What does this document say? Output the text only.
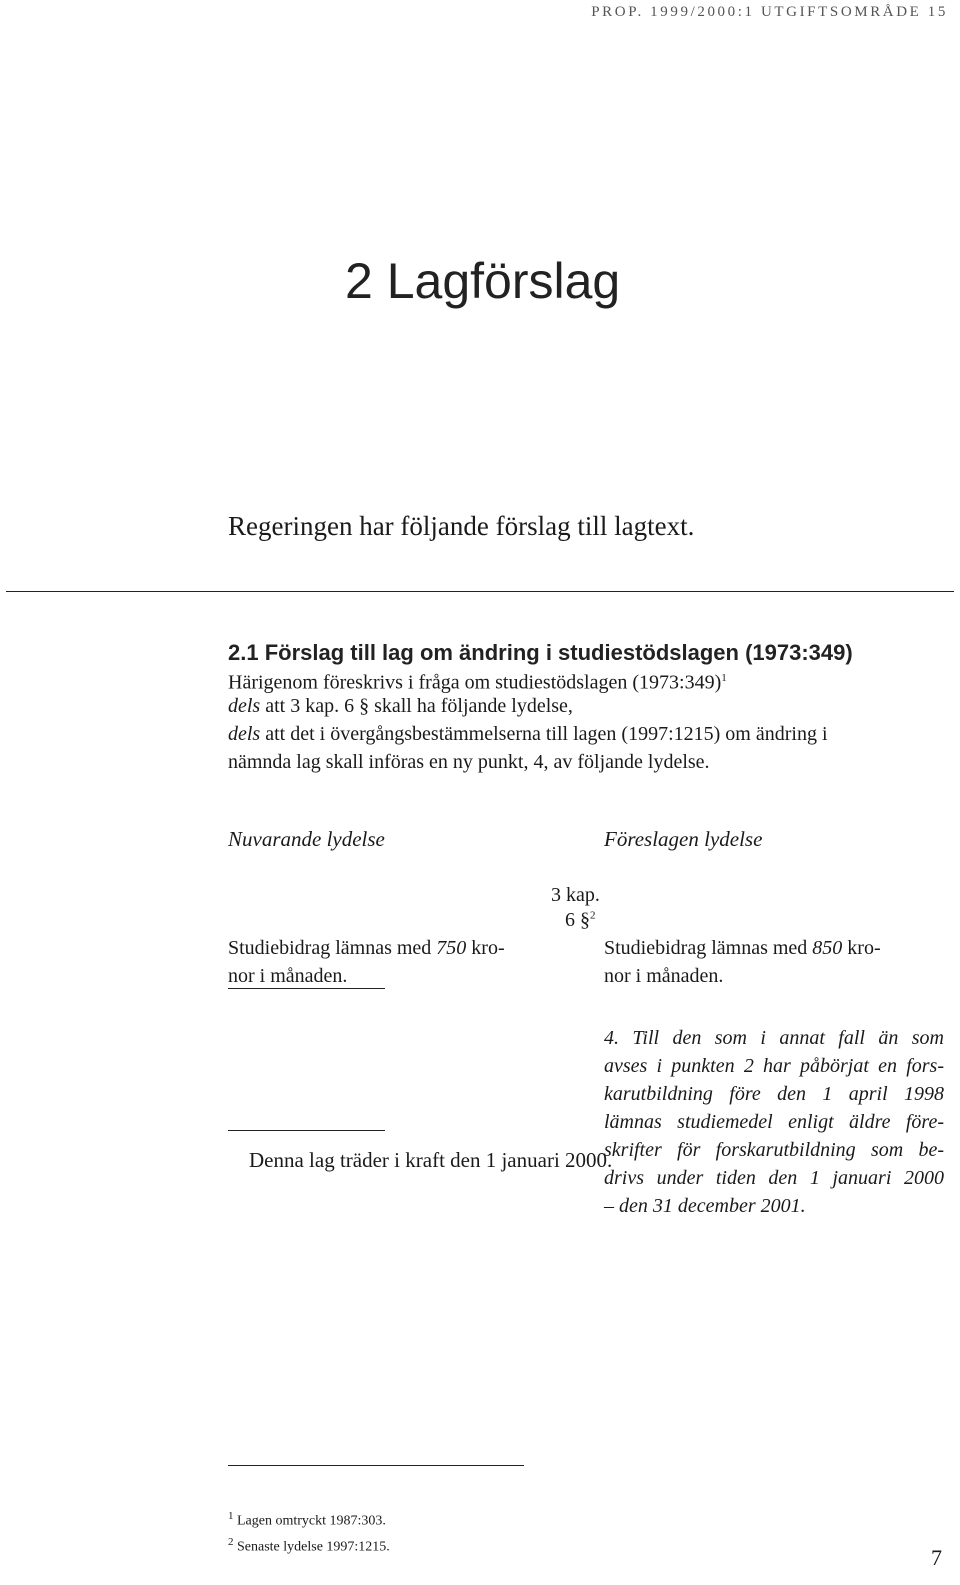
PROP. 1999/2000:1 UTGIFTSOMRÅDE 15
2 Lagförslag
Regeringen har följande förslag till lagtext.
2.1 Förslag till lag om ändring i studiestödslagen (1973:349)
Härigenom föreskrivs i fråga om studiestödslagen (1973:349)$^1$
dels att 3 kap. 6 § skall ha följande lydelse,
dels att det i övergångsbestämmelserna till lagen (1997:1215) om ändring i
nämnda lag skall införas en ny punkt, 4, av följande lydelse.
Nuvarande lydelse	Föreslagen lydelse
3 kap.
6 §$^2$
Studiebidrag lämnas med 750 kro-
nor i månaden.
Studiebidrag lämnas med 850 kro-
nor i månaden.
4. Till den som i annat fall än som
avses i punkten 2 har påbörjat en fors-
karutbildning före den 1 april 1998
lämnas studiemedel enligt äldre före-
skrifter för forskarutbildning som be-
drivs under tiden den 1 januari 2000
– den 31 december 2001.
Denna lag träder i kraft den 1 januari 2000.
$^1$ Lagen omtryckt 1987:303.
$^2$ Senaste lydelse 1997:1215.	7
